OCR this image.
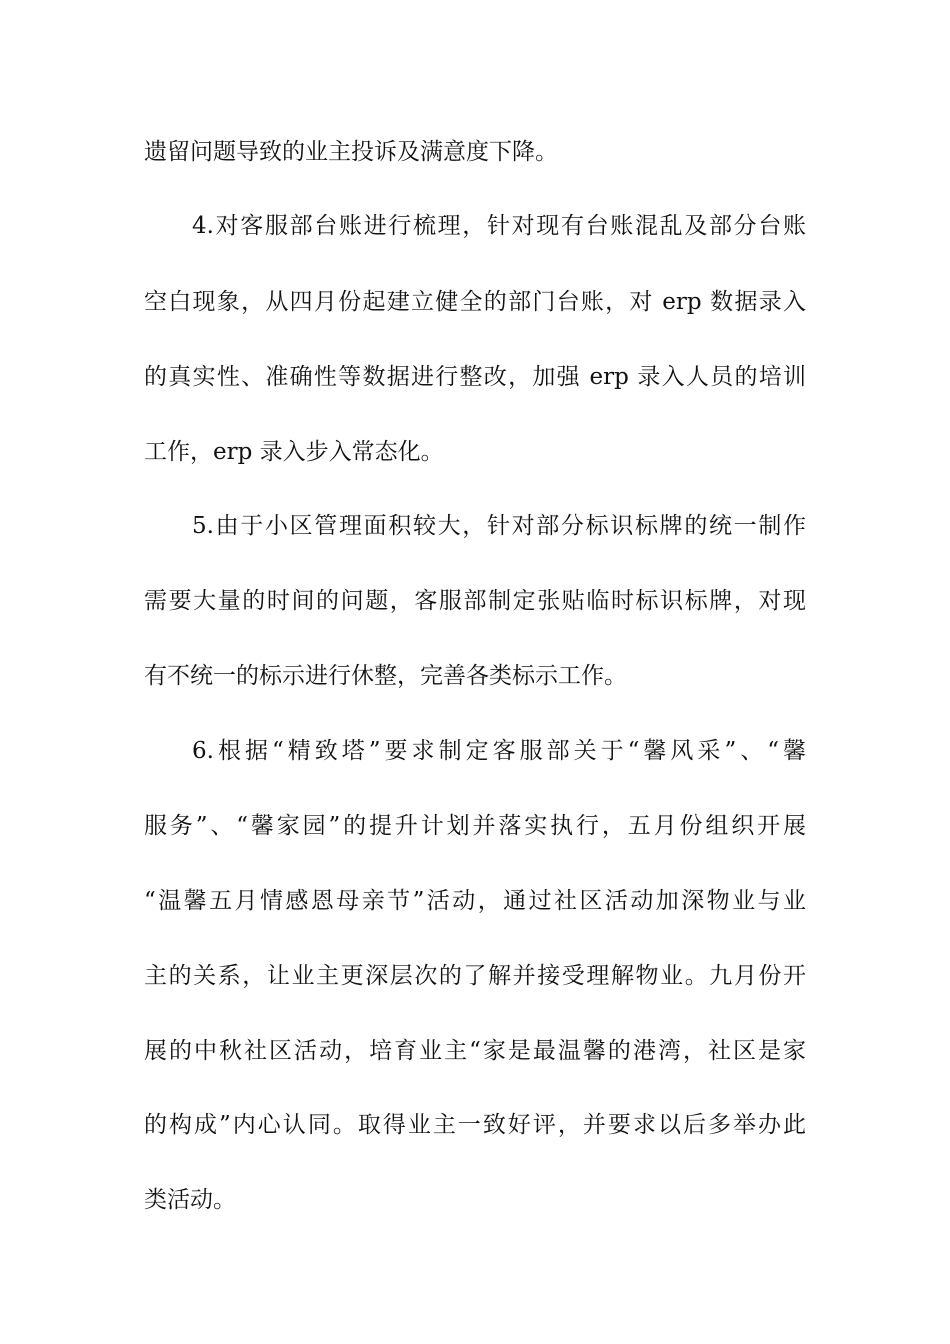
遗留问题导致的业主投诉及满意度下降。
4.对客服部台账进行梳理，针对现有台账混乱及部分台账
空白现象，从四月份起建立健全的部门台账，对 erp 数据录入
的真实性、准确性等数据进行整改，加强 erp 录入人员的培训
工作，erp 录入步入常态化。
5.由于小区管理面积较大，针对部分标识标牌的统一制作
需要大量的时间的问题，客服部制定张贴临时标识标牌，对现
有不统一的标示进行休整，完善各类标示工作。
6.根据“精致塔”要求制定客服部关于“馨风采”、“馨
服务”、“馨家园”的提升计划并落实执行，五月份组织开展
“温馨五月情感恩母亲节”活动，通过社区活动加深物业与业
主的关系，让业主更深层次的了解并接受理解物业。九月份开
展的中秋社区活动，培育业主“家是最温馨的港湾，社区是家
的构成”内心认同。取得业主一致好评，并要求以后多举办此
类活动。
